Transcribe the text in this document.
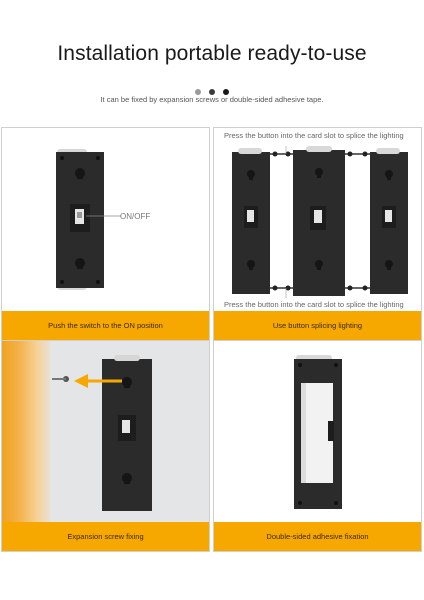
Installation portable ready-to-use

It can be fixed by expansion screws or double-sided adhesive tape.
ON/OFF
Push the switch to the ON position
Press the button into the card slot to splice the lighting
Press the button into the card slot to splice the lighting
Use button splicing lighting
Expansion screw fixing	Double-sided adhesive fixation
